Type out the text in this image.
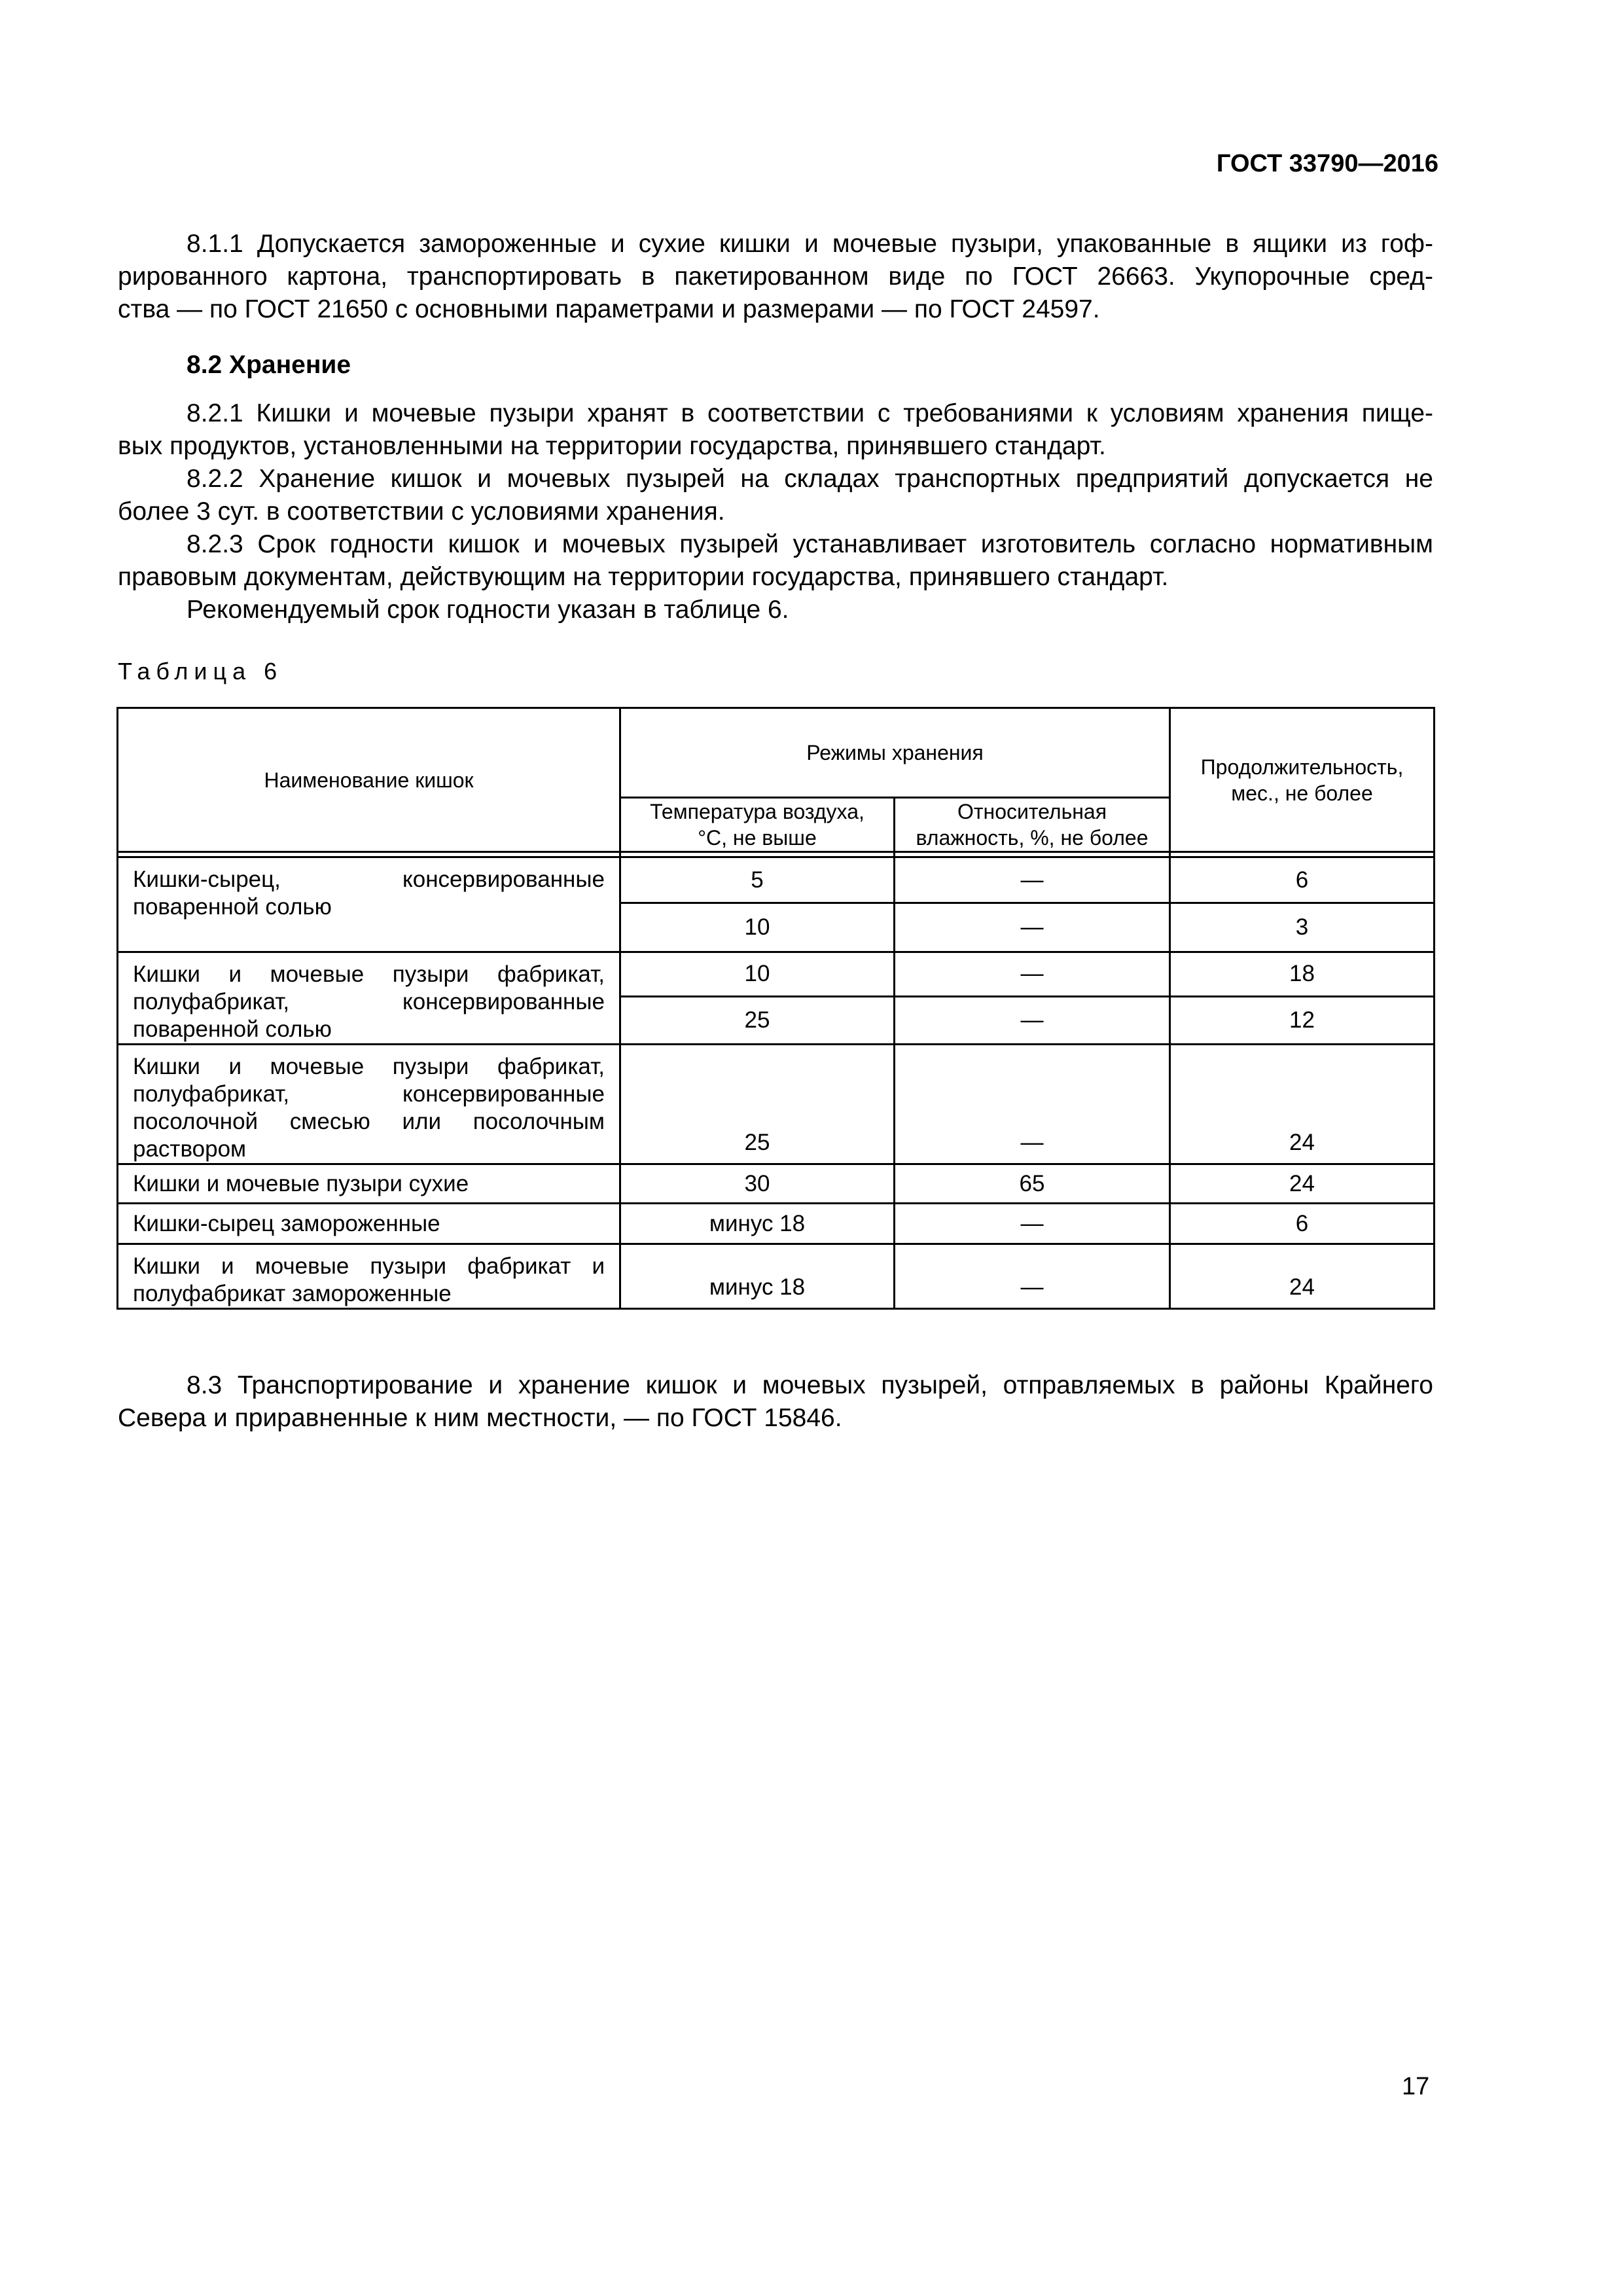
ГОСТ 33790—2016
8.1.1 Допускается замороженные и сухие кишки и мочевые пузыри, упакованные в ящики из гоф-
рированного картона, транспортировать в пакетированном виде по ГОСТ 26663. Укупорочные сред-
ства — по ГОСТ 21650 с основными параметрами и размерами — по ГОСТ 24597.
8.2 Хранение
8.2.1 Кишки и мочевые пузыри хранят в соответствии с требованиями к условиям хранения пище-
вых продуктов, установленными на территории государства, принявшего стандарт.
8.2.2 Хранение кишок и мочевых пузырей на складах транспортных предприятий допускается не
более 3 сут. в соответствии с условиями хранения.
8.2.3 Срок годности кишок и мочевых пузырей устанавливает изготовитель согласно нормативным
правовым документам, действующим на территории государства, принявшего стандарт.
Рекомендуемый срок годности указан в таблице 6.
Таблица 6
Наименование кишок	Режимы хранения		Продолжительность, мес., не более
	Температура воздуха, °С, не выше	Относительная влажность, %, не более	

Кишки-сырец, консервированные поваренной солью	5	—	6
	10	—	3
Кишки и мочевые пузыри фабрикат, полуфабрикат, консервированные поваренной солью	10	—	18
	25	—	12
Кишки и мочевые пузыри фабрикат, полуфабрикат, консервированные посолочной смесью или посолочным раствором	25	—	24
Кишки и мочевые пузыри сухие	30	65	24
Кишки-сырец замороженные	минус 18	—	6
Кишки и мочевые пузыри фабрикат и полуфабрикат замороженные	минус 18	—	24
8.3 Транспортирование и хранение кишок и мочевых пузырей, отправляемых в районы Крайнего
Севера и приравненные к ним местности, — по ГОСТ 15846.
17
